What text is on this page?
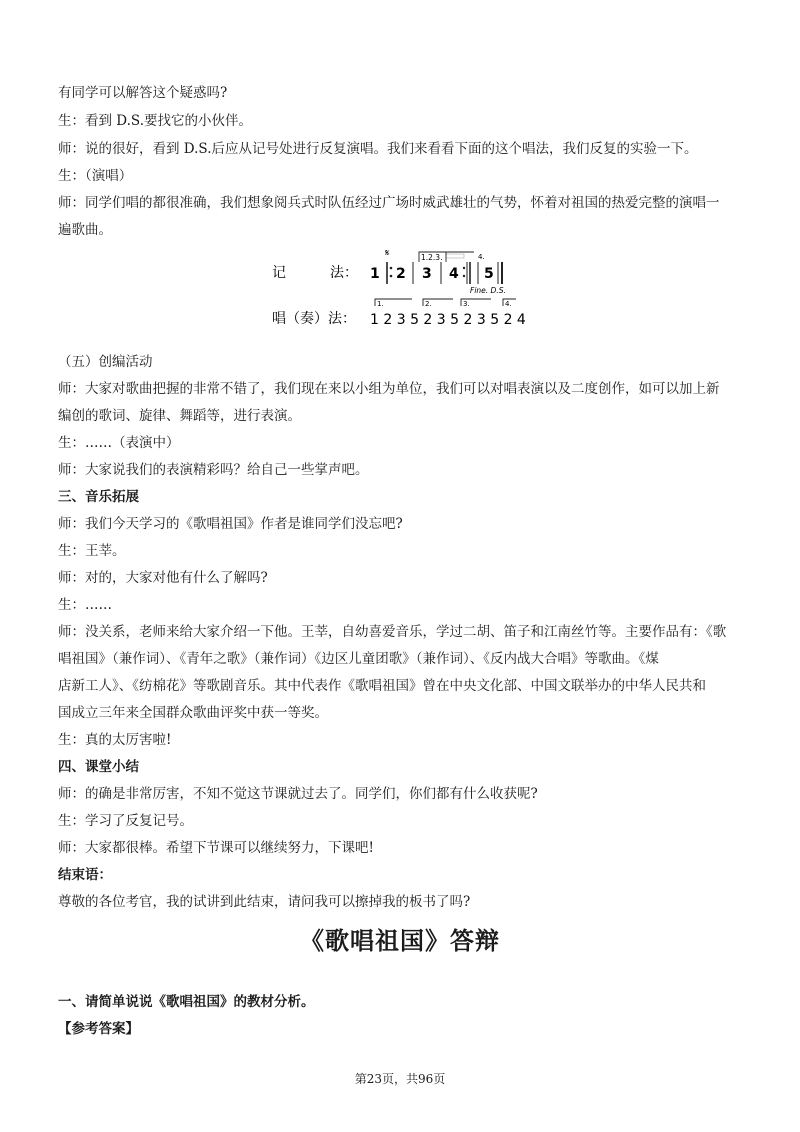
有同学可以解答这个疑惑吗?
生：看到 D.S.要找它的小伙伴。
师：说的很好，看到 D.S.后应从记号处进行反复演唱。我们来看看下面的这个唱法，我们反复的实验一下。
生：（演唱）
师：同学们唱的都很准确，我们想象阅兵式时队伍经过广场时威武雄壮的气势，怀着对祖国的热爱完整的演唱一
遍歌曲。
记	法： 1
𝄋
2
1.2.3.
3 4
4.
5
Fine. D.S.
唱（奏）法：
1.	2.	3.	4.
1 2 3 5 2 3 5 2 3 5 2 4
（五）创编活动
师：大家对歌曲把握的非常不错了，我们现在来以小组为单位，我们可以对唱表演以及二度创作，如可以加上新
编创的歌词、旋律、舞蹈等，进行表演。
生：……（表演中）
师：大家说我们的表演精彩吗？给自己一些掌声吧。
三、音乐拓展
师：我们今天学习的《歌唱祖国》作者是谁同学们没忘吧?
生：王莘。
师：对的，大家对他有什么了解吗?
生：……
师：没关系，老师来给大家介绍一下他。王莘，自幼喜爱音乐，学过二胡、笛子和江南丝竹等。主要作品有：《歌
唱祖国》（兼作词）、《青年之歌》（兼作词）《边区儿童团歌》（兼作词）、《反内战大合唱》等歌曲。《煤
店新工人》、《纺棉花》等歌剧音乐。其中代表作《歌唱祖国》曾在中央文化部、中国文联举办的中华人民共和
国成立三年来全国群众歌曲评奖中获一等奖。
生：真的太厉害啦!
四、课堂小结
师：的确是非常厉害，不知不觉这节课就过去了。同学们，你们都有什么收获呢?
生：学习了反复记号。
师：大家都很棒。希望下节课可以继续努力，下课吧!
结束语：
尊敬的各位考官，我的试讲到此结束，请问我可以擦掉我的板书了吗?
《歌唱祖国》答辩
一、请简单说说《歌唱祖国》的教材分析。
【参考答案】
第23页，共96页
